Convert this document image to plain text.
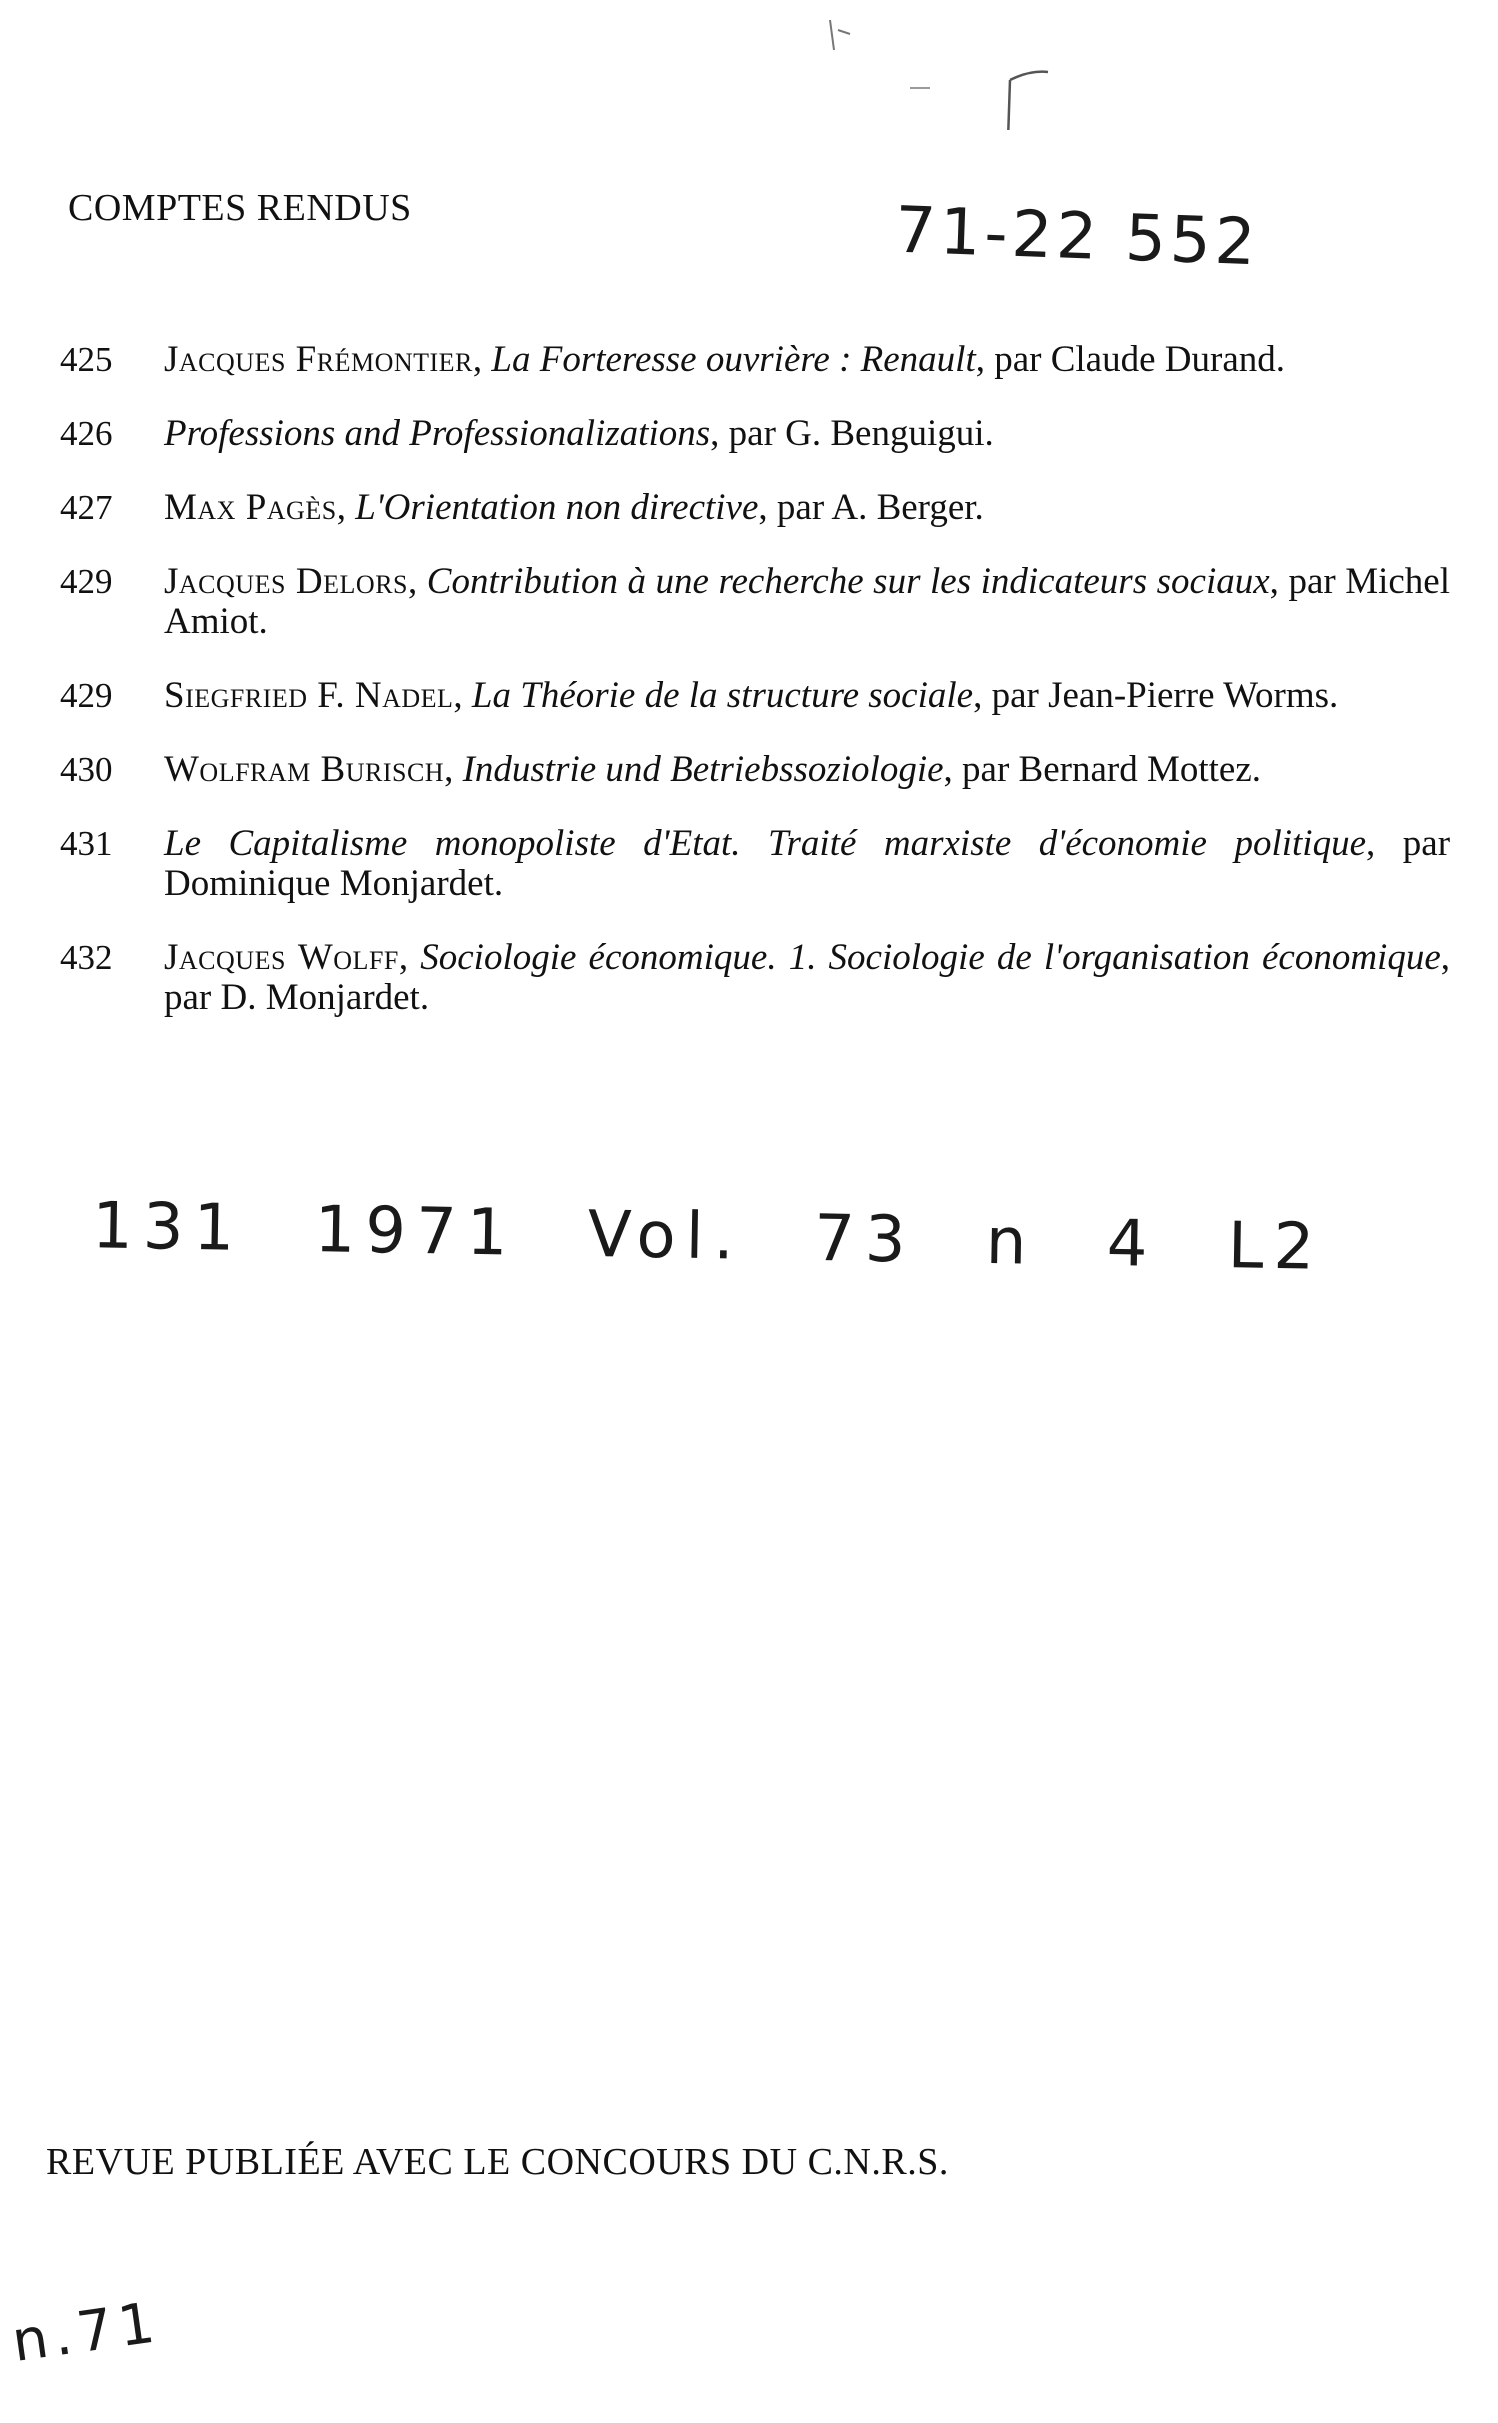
COMPTES RENDUS	71-22 552
425 Jacques Frémontier, La Forteresse ouvrière : Renault, par Claude Durand.
426 Professions and Professionalizations, par G. Benguigui.
427 Max Pagès, L'Orientation non directive, par A. Berger.
429 Jacques Delors, Contribution à une recherche sur les indicateurs sociaux, par Michel Amiot.
429 Siegfried F. Nadel, La Théorie de la structure sociale, par Jean-Pierre Worms.
430 Wolfram Burisch, Industrie und Betriebssoziologie, par Bernard Mottez.
431 Le Capitalisme monopoliste d'Etat. Traité marxiste d'économie politique, par Dominique Monjardet.
432 Jacques Wolff, Sociologie économique. 1. Sociologie de l'organisation économique, par D. Monjardet.
131 1971 Vol. 73 n 4 L2
REVUE PUBLIÉE AVEC LE CONCOURS DU C.N.R.S.
n.71
